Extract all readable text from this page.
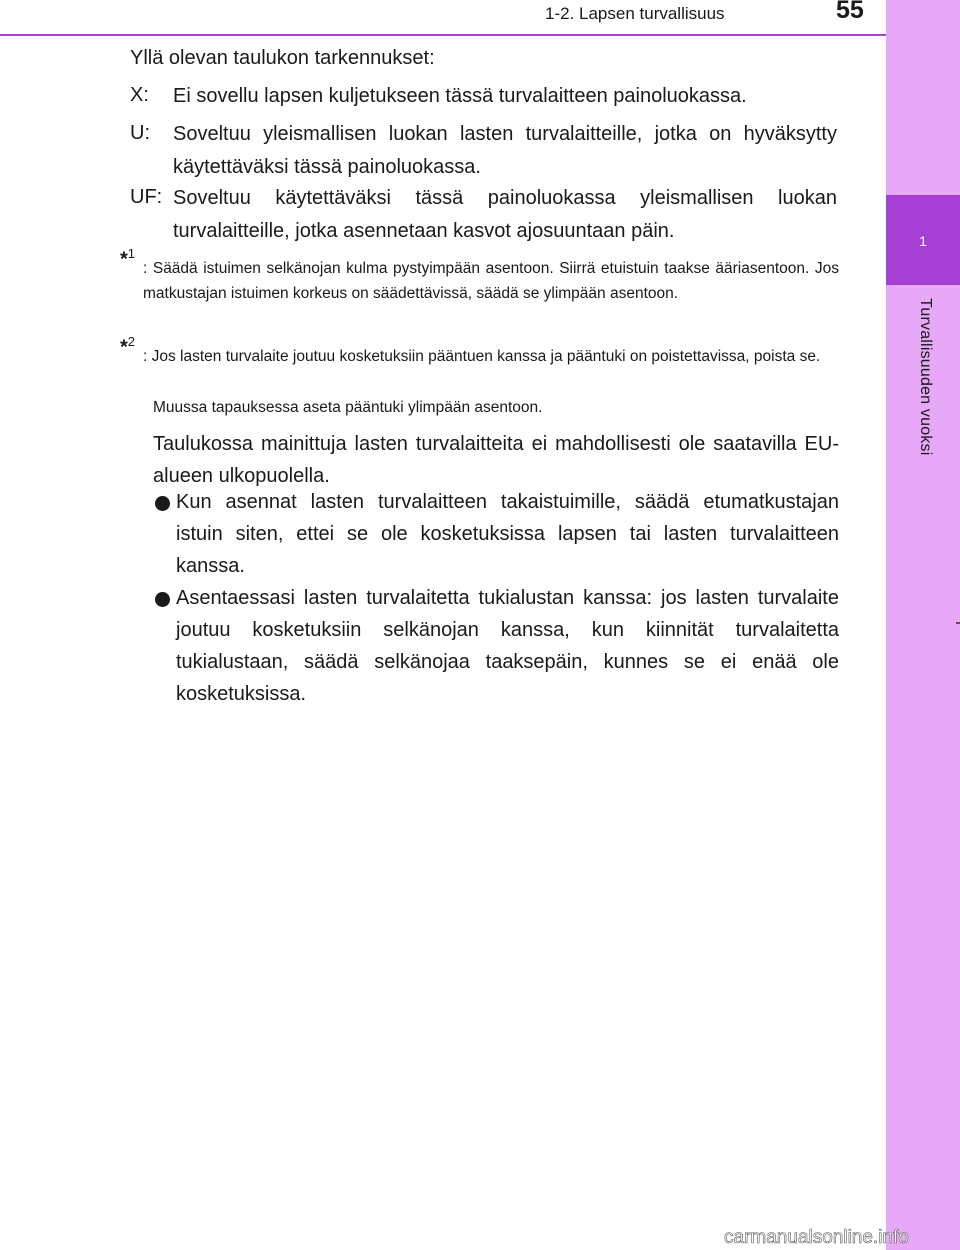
1
Turvallisuuden vuoksi
1-2. Lapsen turvallisuus	55
Yllä olevan taulukon tarkennukset:
X: Ei sovellu lapsen kuljetukseen tässä turvalaitteen painoluokassa.
U: Soveltuu yleismallisen luokan lasten turvalaitteille, jotka on hyväksytty käytettäväksi tässä painoluokassa.
UF: Soveltuu käytettäväksi tässä painoluokassa yleismallisen luokan turvalaitteille, jotka asennetaan kasvot ajosuuntaan päin.
*$^1$
: Säädä istuimen selkänojan kulma pystyimpään asentoon. Siirrä etuistuin taakse ääriasentoon. Jos matkustajan istuimen korkeus on säädettävissä, säädä se ylimpään asentoon.
*$^2$
: Jos lasten turvalaite joutuu kosketuksiin pääntuen kanssa ja pääntuki on poistettavissa, poista se.
Muussa tapauksessa aseta pääntuki ylimpään asentoon.
Taulukossa mainittuja lasten turvalaitteita ei mahdollisesti ole saatavilla EU-alueen ulkopuolella.
Kun asennat lasten turvalaitteen takaistuimille, säädä etumatkustajan istuin siten, ettei se ole kosketuksissa lapsen tai lasten turvalaitteen kanssa.
Asentaessasi lasten turvalaitetta tukialustan kanssa: jos lasten turvalaite joutuu kosketuksiin selkänojan kanssa, kun kiinnität turvalaitetta tukialustaan, säädä selkänojaa taaksepäin, kunnes se ei enää ole kosketuksissa.
carmanualsonline.info
